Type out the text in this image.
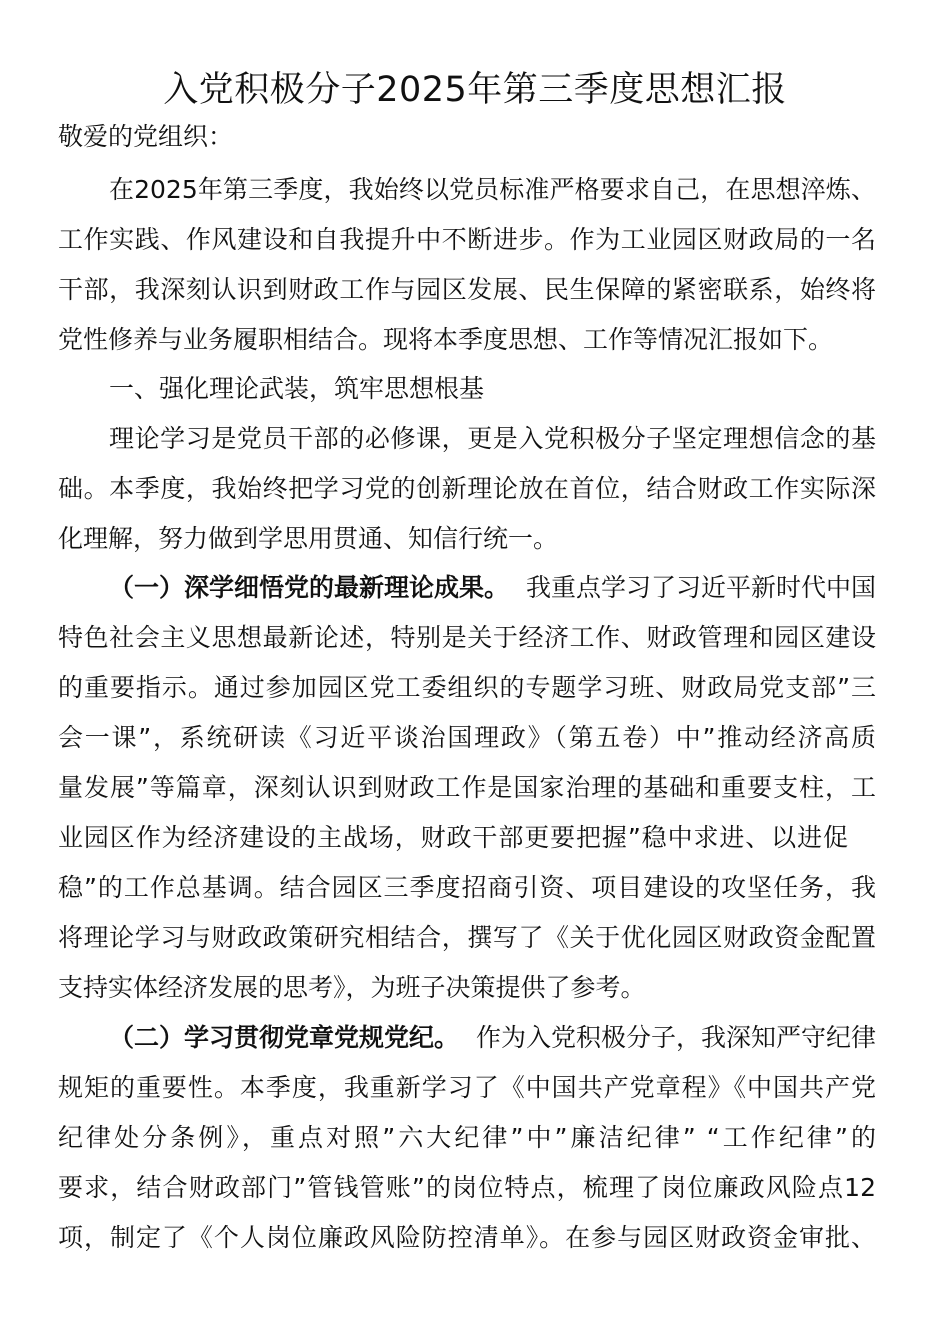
入党积极分子2025年第三季度思想汇报
敬爱的党组织：
在2025年第三季度，我始终以党员标准严格要求自己，在思想淬炼、
工作实践、作风建设和自我提升中不断进步。作为工业园区财政局的一名
干部，我深刻认识到财政工作与园区发展、民生保障的紧密联系，始终将
党性修养与业务履职相结合。现将本季度思想、工作等情况汇报如下。
一、强化理论武装，筑牢思想根基
理论学习是党员干部的必修课，更是入党积极分子坚定理想信念的基
础。本季度，我始终把学习党的创新理论放在首位，结合财政工作实际深
化理解，努力做到学思用贯通、知信行统一。
（一）深学细悟党的最新理论成果。 我重点学习了习近平新时代中国
特色社会主义思想最新论述，特别是关于经济工作、财政管理和园区建设
的重要指示。通过参加园区党工委组织的专题学习班、财政局党支部”三
会一课”，系统研读《习近平谈治国理政》（第五卷）中”推动经济高质
量发展”等篇章，深刻认识到财政工作是国家治理的基础和重要支柱，工
业园区作为经济建设的主战场，财政干部更要把握”稳中求进、以进促
稳”的工作总基调。结合园区三季度招商引资、项目建设的攻坚任务，我
将理论学习与财政政策研究相结合，撰写了《关于优化园区财政资金配置
支持实体经济发展的思考》，为班子决策提供了参考。
（二）学习贯彻党章党规党纪。 作为入党积极分子，我深知严守纪律
规矩的重要性。本季度，我重新学习了《中国共产党章程》《中国共产党
纪律处分条例》，重点对照”六大纪律”中”廉洁纪律” “工作纪律”的
要求，结合财政部门”管钱管账”的岗位特点，梳理了岗位廉政风险点12
项，制定了《个人岗位廉政风险防控清单》。在参与园区财政资金审批、
